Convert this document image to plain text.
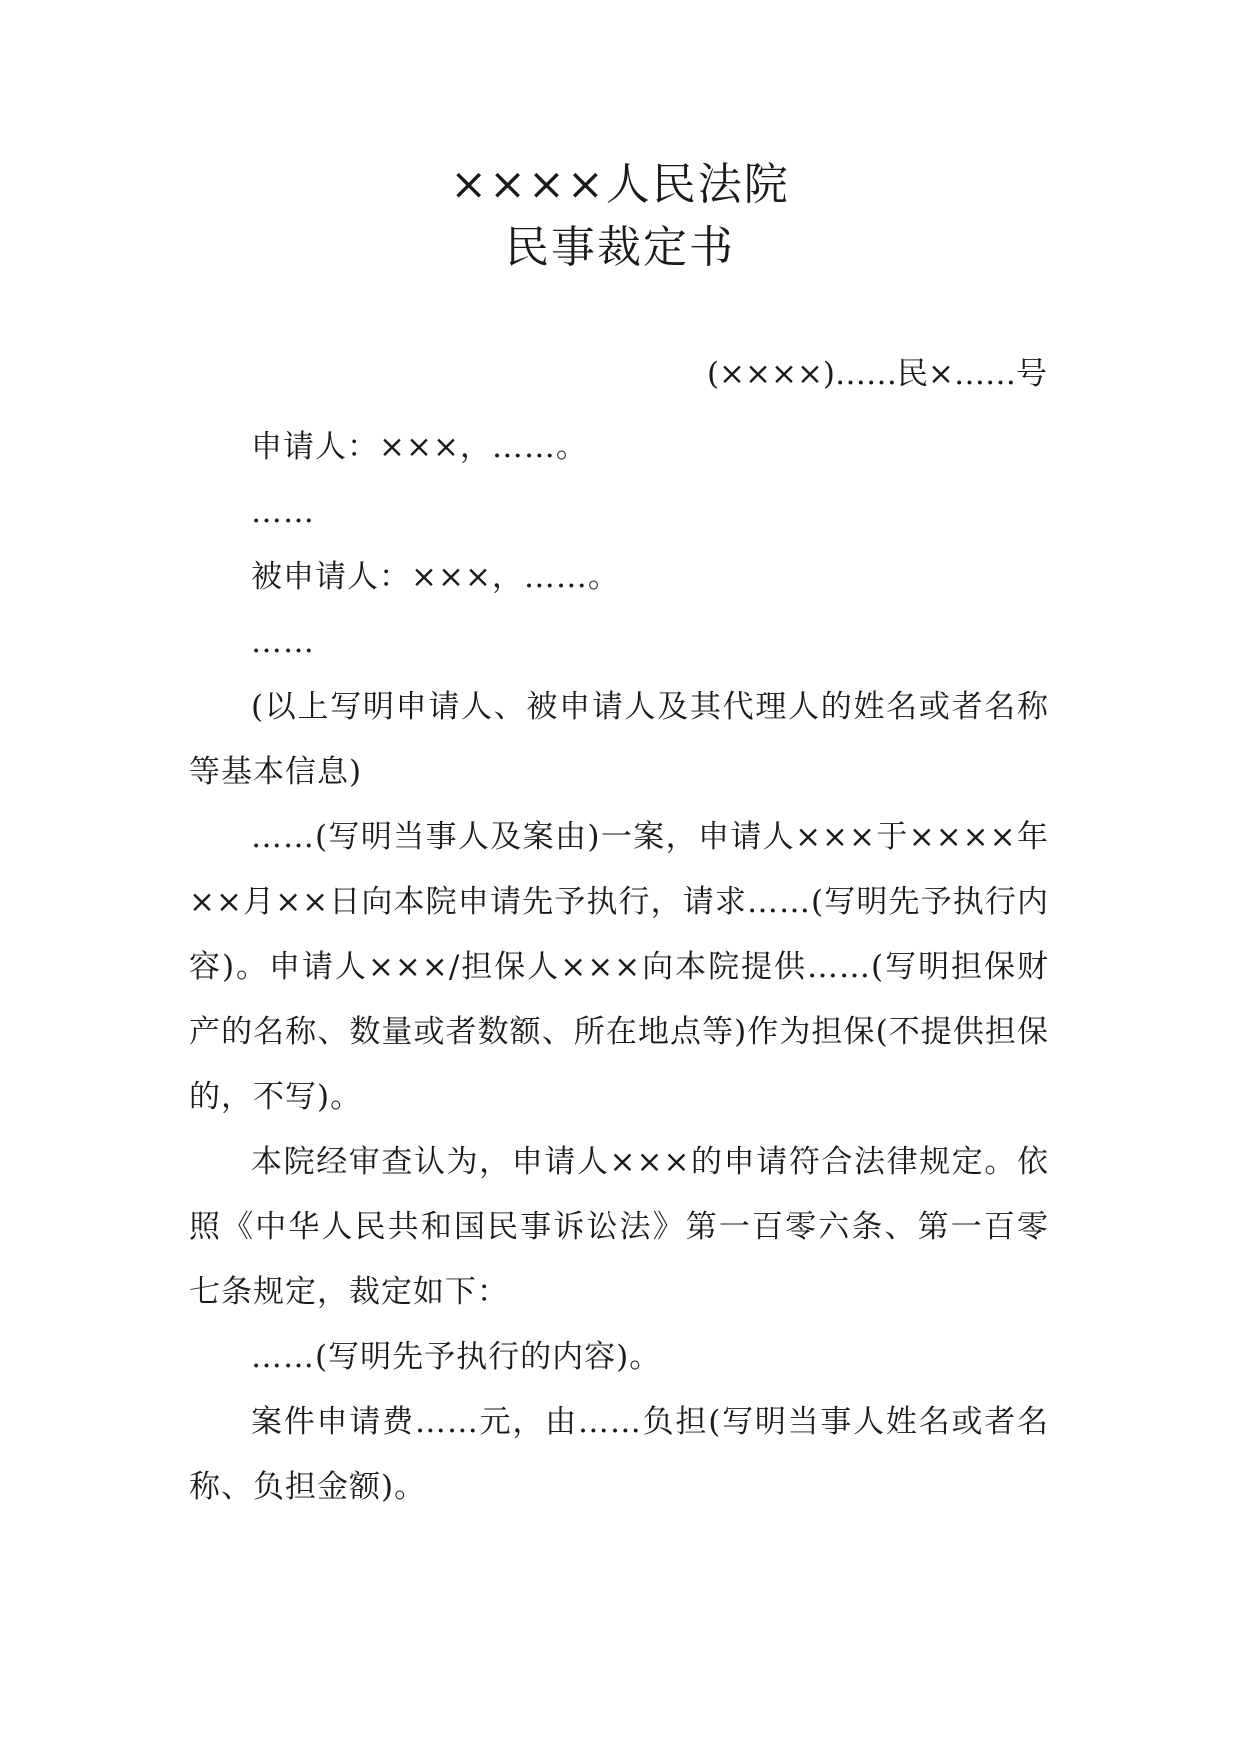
××××人民法院
民事裁定书
(××××)……民×……号

申请人：×××，……。

……

被申请人：×××，……。

……

(以上写明申请人、被申请人及其代理人的姓名或者名称等基本信息)

……(写明当事人及案由)一案，申请人×××于××××年××月××日向本院申请先予执行，请求……(写明先予执行内容)。申请人×××/担保人×××向本院提供……(写明担保财产的名称、数量或者数额、所在地点等)作为担保(不提供担保的，不写)。

本院经审查认为，申请人×××的申请符合法律规定。依照《中华人民共和国民事诉讼法》第一百零六条、第一百零七条规定，裁定如下：

……(写明先予执行的内容)。

案件申请费……元，由……负担(写明当事人姓名或者名称、负担金额)。
